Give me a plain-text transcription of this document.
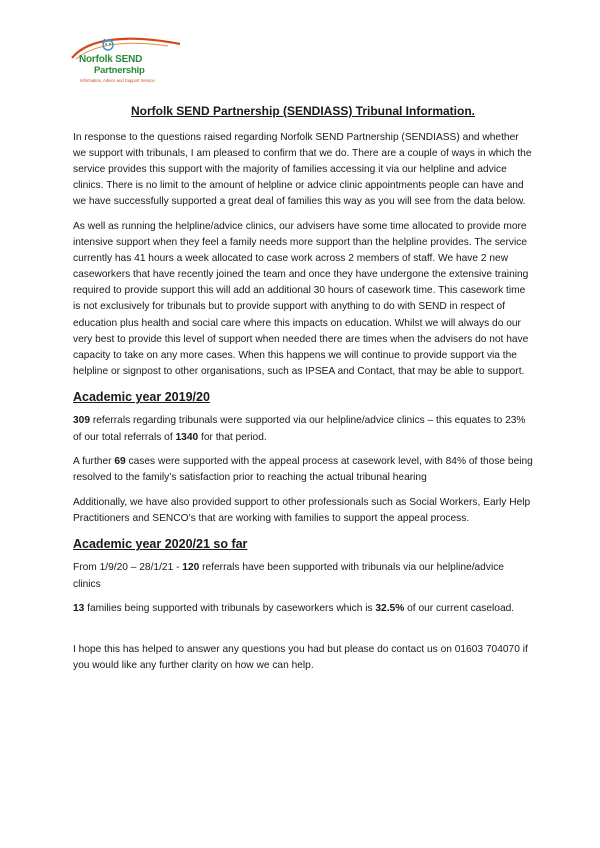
Norfolk SEND
Partnership
Information, Advice and Support Service
Norfolk SEND Partnership (SENDIASS) Tribunal Information.

In response to the questions raised regarding Norfolk SEND Partnership (SENDIASS) and whether we support with tribunals, I am pleased to confirm that we do. There are a couple of ways in which the service provides this support with the majority of families accessing it via our helpline and advice clinics. There is no limit to the amount of helpline or advice clinic appointments people can have and we have successfully supported a great deal of families this way as you will see from the data below.

As well as running the helpline/advice clinics, our advisers have some time allocated to provide more intensive support when they feel a family needs more support than the helpline provides. The service currently has 41 hours a week allocated to case work across 2 members of staff. We have 2 new caseworkers that have recently joined the team and once they have undergone the extensive training required to provide support this will add an additional 30 hours of casework time. This casework time is not exclusively for tribunals but to provide support with anything to do with SEND in respect of education plus health and social care where this impacts on education. Whilst we will always do our very best to provide this level of support when needed there are times when the advisers do not have capacity to take on any more cases. When this happens we will continue to provide support via the helpline or signpost to other organisations, such as IPSEA and Contact, that may be able to support.

Academic year 2019/20

309 referrals regarding tribunals were supported via our helpline/advice clinics – this equates to 23% of our total referrals of 1340 for that period.

A further 69 cases were supported with the appeal process at casework level, with 84% of those being resolved to the family’s satisfaction prior to reaching the actual tribunal hearing

Additionally, we have also provided support to other professionals such as Social Workers, Early Help Practitioners and SENCO’s that are working with families to support the appeal process.

Academic year 2020/21 so far

From 1/9/20 – 28/1/21 - 120 referrals have been supported with tribunals via our helpline/advice clinics

13 families being supported with tribunals by caseworkers which is 32.5% of our current caseload.

I hope this has helped to answer any questions you had but please do contact us on 01603 704070 if you would like any further clarity on how we can help.
